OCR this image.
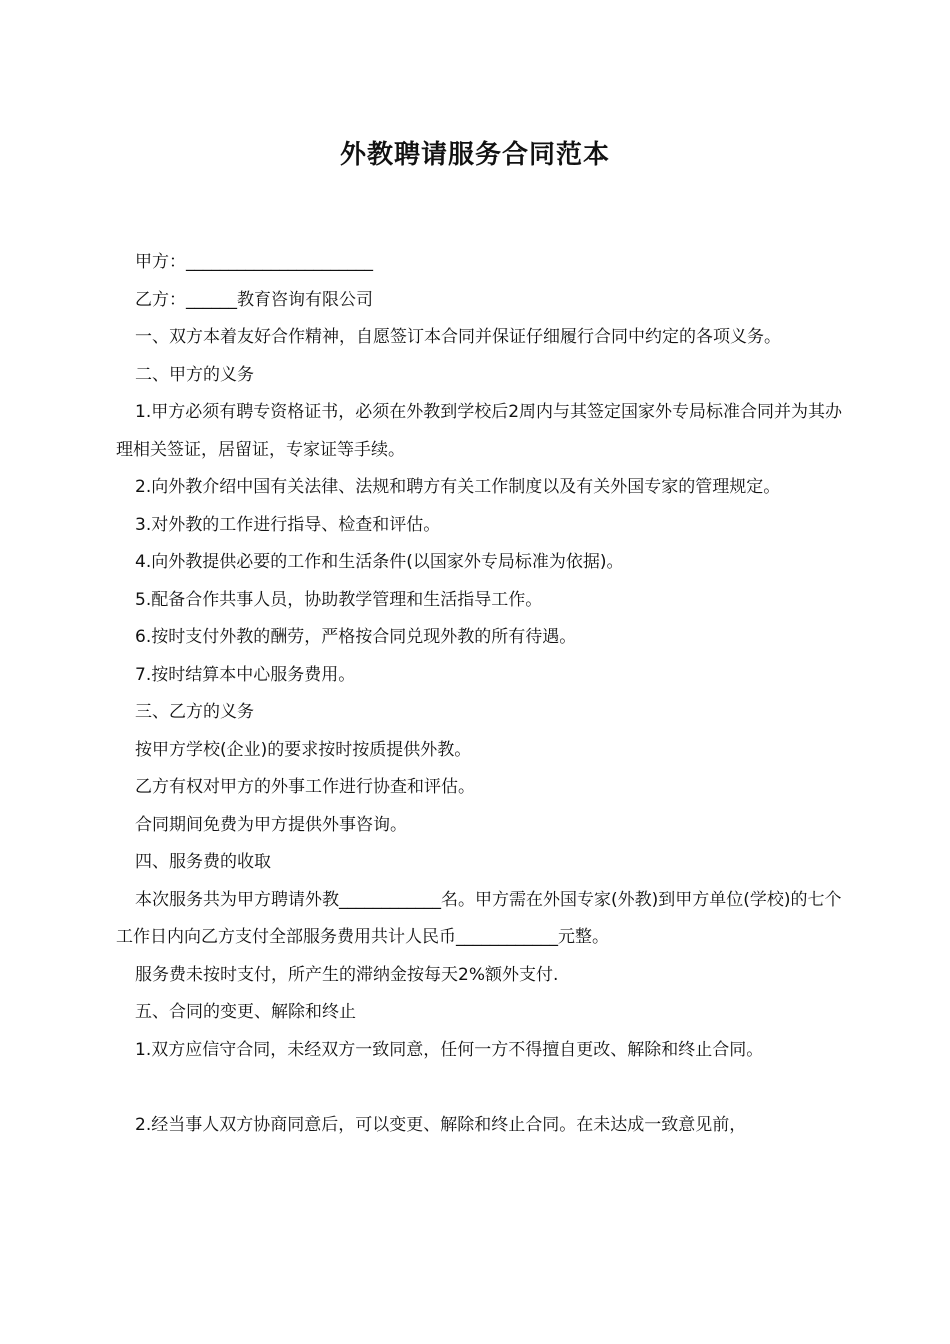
外教聘请服务合同范本

甲方：______________________

乙方：______教育咨询有限公司

一、双方本着友好合作精神，自愿签订本合同并保证仔细履行合同中约定的各项义务。

二、甲方的义务

1.甲方必须有聘专资格证书，必须在外教到学校后2周内与其签定国家外专局标准合同并为其办理相关签证，居留证，专家证等手续。

2.向外教介绍中国有关法律、法规和聘方有关工作制度以及有关外国专家的管理规定。

3.对外教的工作进行指导、检查和评估。

4.向外教提供必要的工作和生活条件(以国家外专局标准为依据)。

5.配备合作共事人员，协助教学管理和生活指导工作。

6.按时支付外教的酬劳，严格按合同兑现外教的所有待遇。

7.按时结算本中心服务费用。

三、乙方的义务

按甲方学校(企业)的要求按时按质提供外教。

乙方有权对甲方的外事工作进行协查和评估。

合同期间免费为甲方提供外事咨询。

四、服务费的收取

本次服务共为甲方聘请外教____________名。甲方需在外国专家(外教)到甲方单位(学校)的七个工作日内向乙方支付全部服务费用共计人民币____________元整。

服务费未按时支付，所产生的滞纳金按每天2%额外支付.

五、合同的变更、解除和终止

1.双方应信守合同，未经双方一致同意，任何一方不得擅自更改、解除和终止合同。

2.经当事人双方协商同意后，可以变更、解除和终止合同。在未达成一致意见前，
